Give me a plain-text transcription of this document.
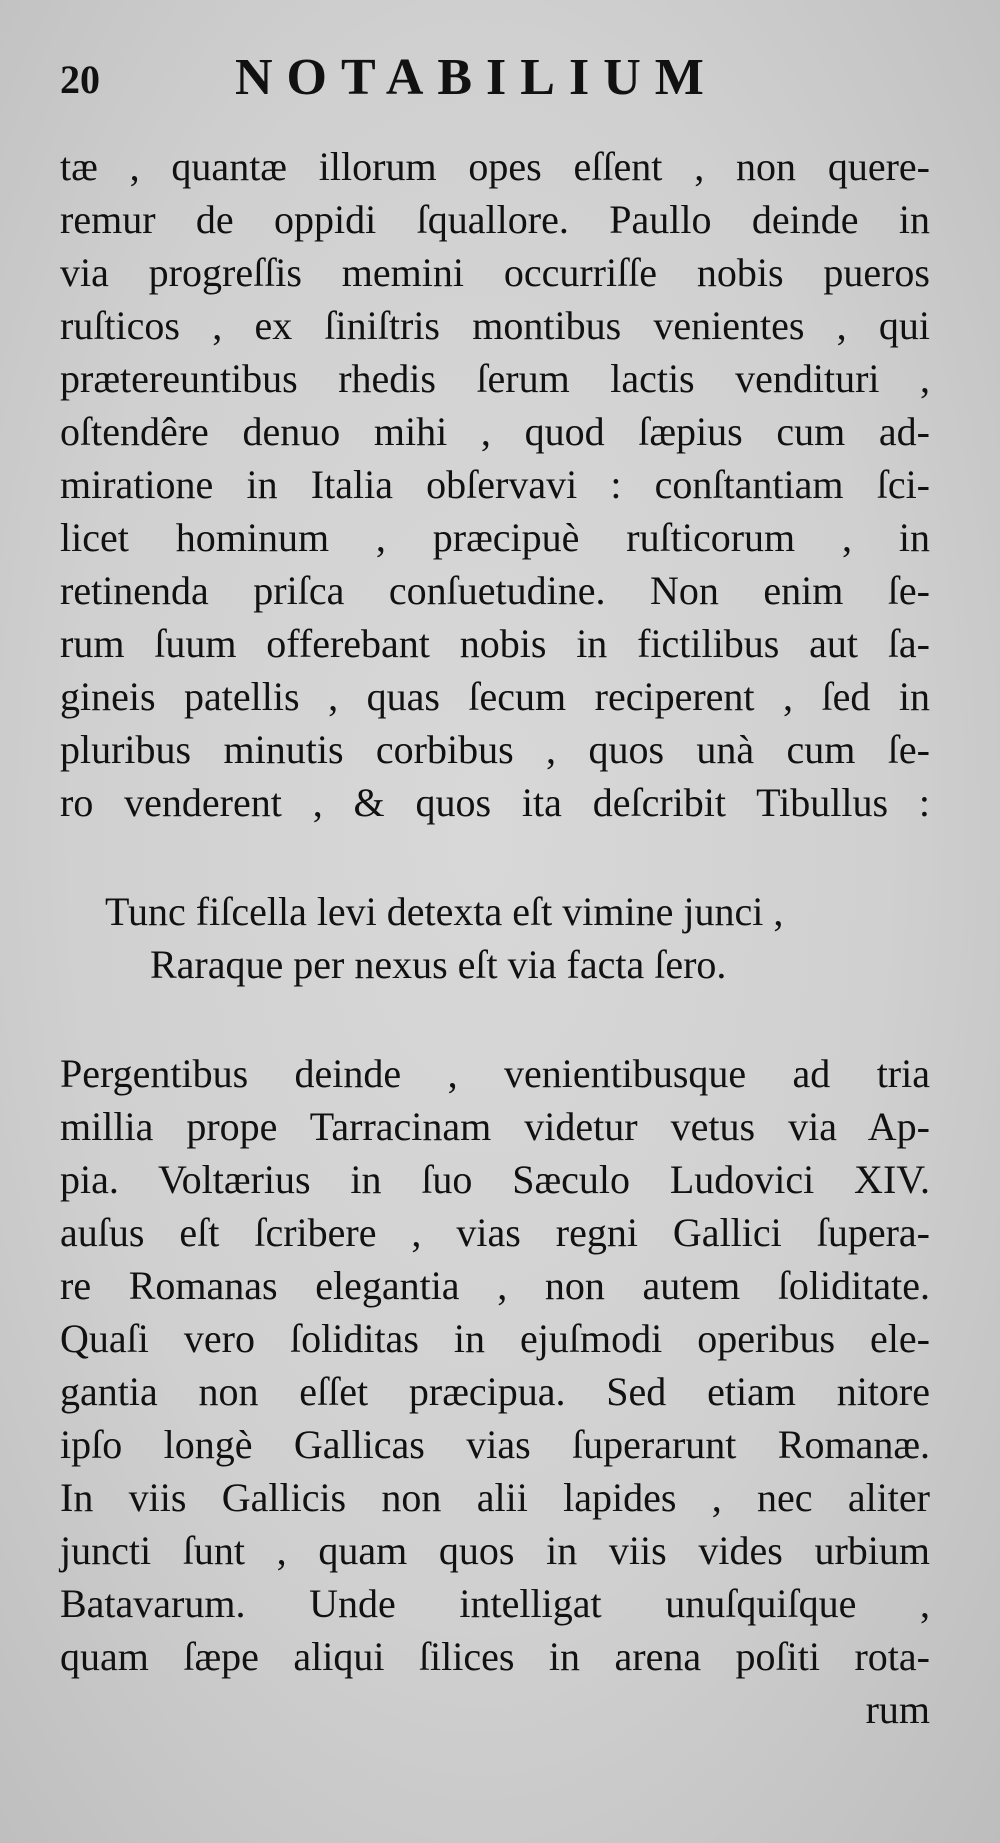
20	NOTABILIUM
tæ , quantæ illorum opes eſſent , non quere-
remur de oppidi ſquallore. Paullo deinde in
via progreſſis memini occurriſſe nobis pueros
ruſticos , ex ſiniſtris montibus venientes , qui
prætereuntibus rhedis ſerum lactis vendituri ,
oſtendêre denuo mihi , quod ſæpius cum ad-
miratione in Italia obſervavi : conſtantiam ſci-
licet hominum , præcipuè ruſticorum , in
retinenda priſca conſuetudine. Non enim ſe-
rum ſuum offerebant nobis in fictilibus aut ſa-
gineis patellis , quas ſecum reciperent , ſed in
pluribus minutis corbibus , quos unà cum ſe-
ro venderent , & quos ita deſcribit Tibullus :
Tunc fiſcella levi detexta eſt vimine junci ,
Raraque per nexus eſt via facta ſero.
Pergentibus deinde , venientibusque ad tria
millia prope Tarracinam videtur vetus via Ap-
pia. Voltærius in ſuo Sæculo Ludovici XIV.
auſus eſt ſcribere , vias regni Gallici ſupera-
re Romanas elegantia , non autem ſoliditate.
Quaſi vero ſoliditas in ejuſmodi operibus ele-
gantia non eſſet præcipua. Sed etiam nitore
ipſo longè Gallicas vias ſuperarunt Romanæ.
In viis Gallicis non alii lapides , nec aliter
juncti ſunt , quam quos in viis vides urbium
Batavarum. Unde intelligat unuſquiſque ,
quam ſæpe aliqui ſilices in arena poſiti rota-
rum
